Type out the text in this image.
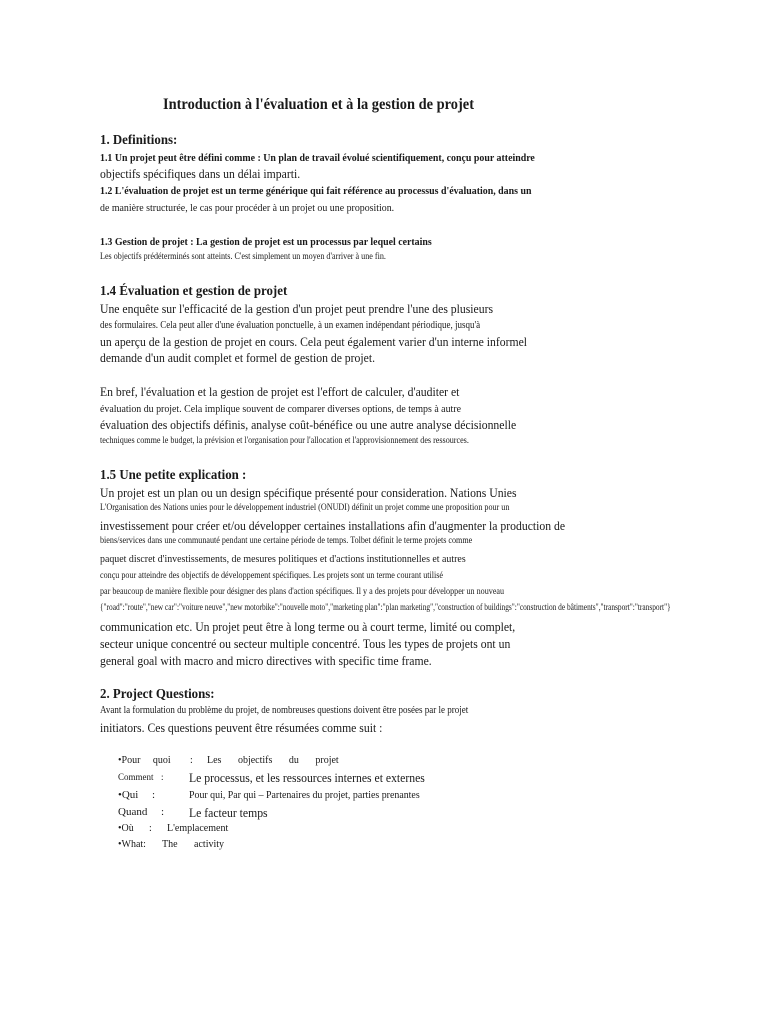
Introduction à l'évaluation et à la gestion de projet
1. Definitions:
1.1 Un projet peut être défini comme : Un plan de travail évolué scientifiquement, conçu pour atteindre
objectifs spécifiques dans un délai imparti.
1.2 L'évaluation de projet est un terme générique qui fait référence au processus d'évaluation, dans un
de manière structurée, le cas pour procéder à un projet ou une proposition.
1.3 Gestion de projet : La gestion de projet est un processus par lequel certains
Les objectifs prédéterminés sont atteints. C'est simplement un moyen d'arriver à une fin.
1.4 Évaluation et gestion de projet
Une enquête sur l'efficacité de la gestion d'un projet peut prendre l'une des plusieurs
des formulaires. Cela peut aller d'une évaluation ponctuelle, à un examen indépendant périodique, jusqu'à
un aperçu de la gestion de projet en cours. Cela peut également varier d'un interne informel
demande d'un audit complet et formel de gestion de projet.
En bref, l'évaluation et la gestion de projet est l'effort de calculer, d'auditer et
évaluation du projet. Cela implique souvent de comparer diverses options, de temps à autre
évaluation des objectifs définis, analyse coût-bénéfice ou une autre analyse décisionnelle
techniques comme le budget, la prévision et l'organisation pour l'allocation et l'approvisionnement des ressources.
1.5 Une petite explication :
Un projet est un plan ou un design spécifique présenté pour consideration. Nations Unies
L'Organisation des Nations unies pour le développement industriel (ONUDI) définit un projet comme une proposition pour un
investissement pour créer et/ou développer certaines installations afin d'augmenter la production de
biens/services dans une communauté pendant une certaine période de temps. Tolbet définit le terme projets comme
paquet discret d'investissements, de mesures politiques et d'actions institutionnelles et autres
conçu pour atteindre des objectifs de développement spécifiques. Les projets sont un terme courant utilisé
par beaucoup de manière flexible pour désigner des plans d'action spécifiques. Il y a des projets pour développer un nouveau
{"road":"route","new car":"voiture neuve","new motorbike":"nouvelle moto","marketing plan":"plan marketing","construction of buildings":"construction de bâtiments","transport":"transport"}
communication etc. Un projet peut être à long terme ou à court terme, limité ou complet,
secteur unique concentré ou secteur multiple concentré. Tous les types de projets ont un
general goal with macro and micro directives with specific time frame.
2. Project Questions:
Avant la formulation du problème du projet, de nombreuses questions doivent être posées par le projet
initiators. Ces questions peuvent être résumées comme suit :
•Pour quoi : Les objectifs du projet
Comment : Le processus, et les ressources internes et externes
•Qui :	Pour qui, Par qui – Partenaires du projet, parties prenantes
Quand : Le facteur temps
•Où : L'emplacement
•What: The activity
